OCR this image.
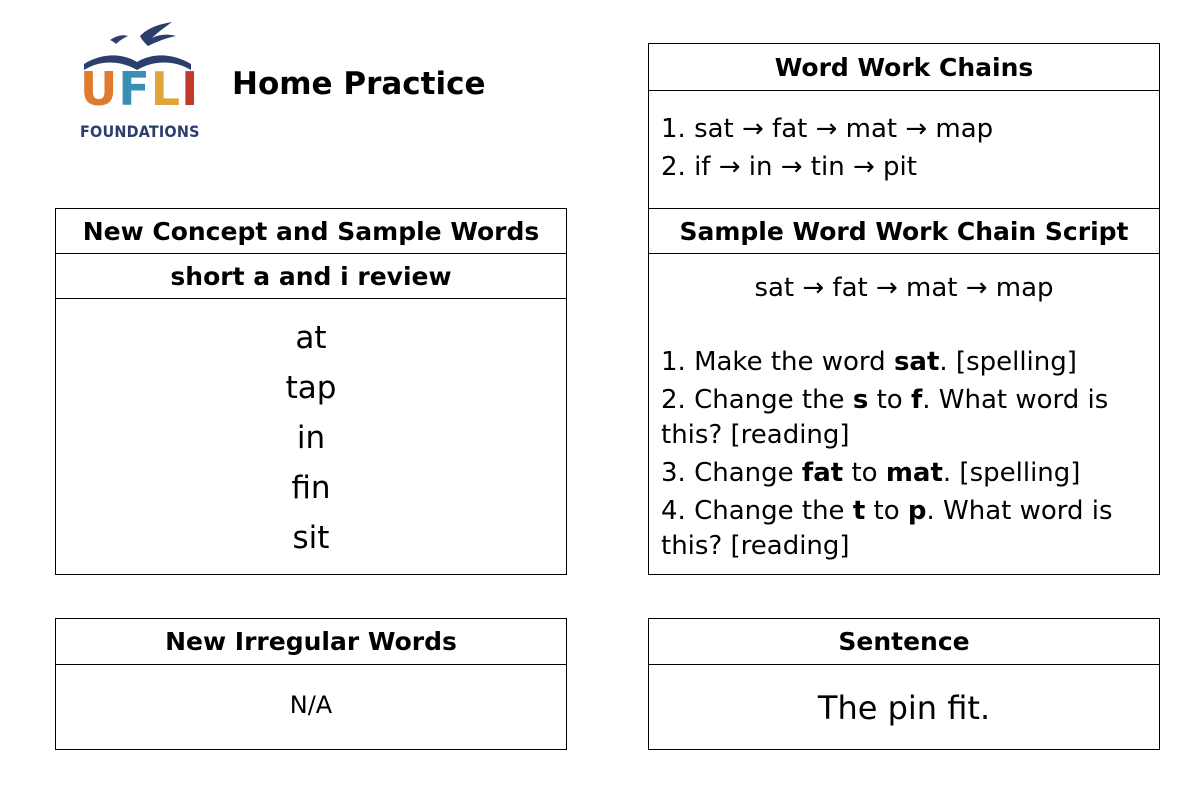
UFLI
FOUNDATIONS
Home Practice
New Concept and Sample Words
short a and i review
at
tap
in
fin
sit
New Irregular Words
N/A
Word Work Chains
1. sat → fat → mat → map
2. if → in → tin → pit
Sample Word Work Chain Script
sat → fat → mat → map
1. Make the word sat. [spelling]
2. Change the s to f. What word is this? [reading]
3. Change fat to mat. [spelling]
4. Change the t to p. What word is this? [reading]
Sentence
The pin fit.
